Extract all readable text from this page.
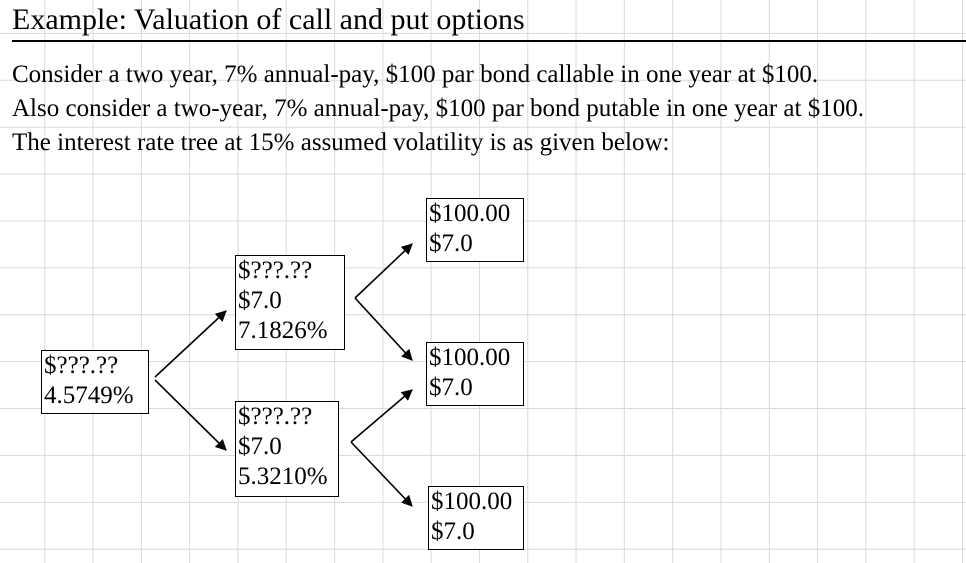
Example: Valuation of call and put options
Consider a two year, 7% annual-pay, $100 par bond callable in one year at $100.
Also consider a two-year, 7% annual-pay, $100 par bond putable in one year at $100.
The interest rate tree at 15% assumed volatility is as given below:
$???.??
4.5749%
$???.??
$7.0
7.1826%
$???.??
$7.0
5.3210%
$100.00
$7.0
$100.00
$7.0
$100.00
$7.0
